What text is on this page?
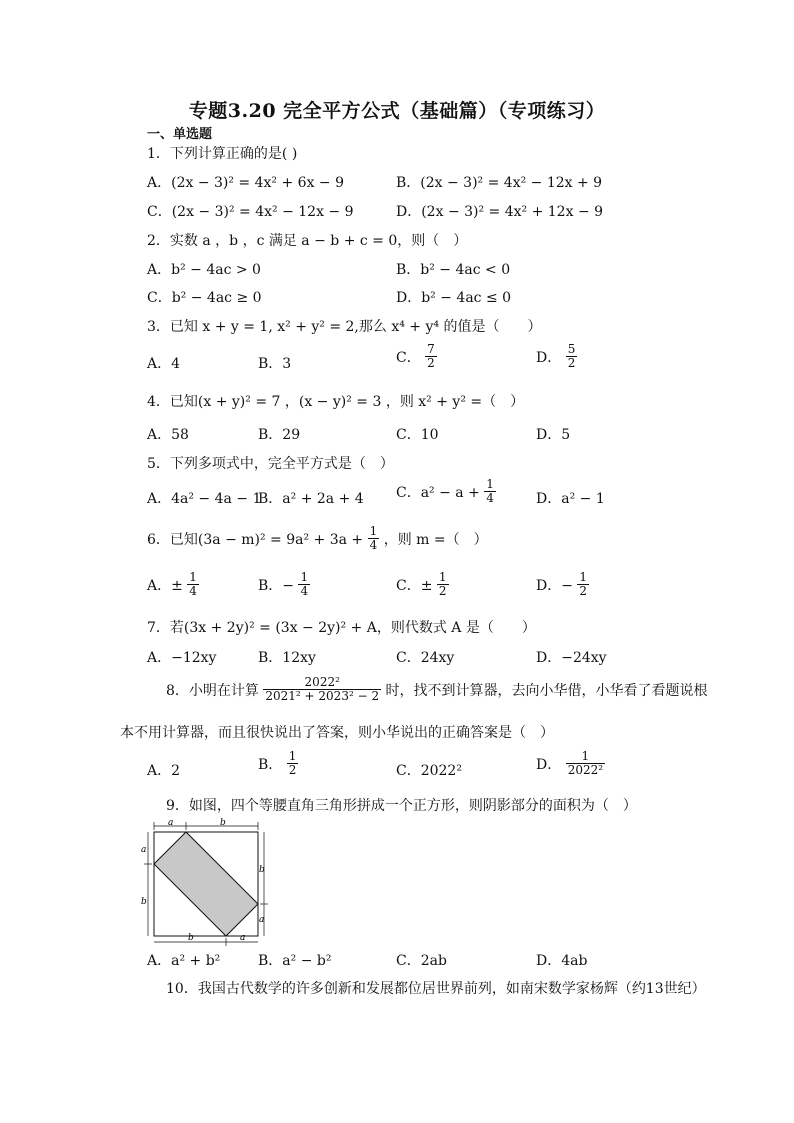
专题3.20 完全平方公式（基础篇）（专项练习）
一、单选题
1．下列计算正确的是( )
A．(2x − 3)² = 4x² + 6x − 9	B．(2x − 3)² = 4x² − 12x + 9
C．(2x − 3)² = 4x² − 12x − 9	D．(2x − 3)² = 4x² + 12x − 9
2．实数 a ，b ，c 满足 a − b + c = 0，则（　）
A．b² − 4ac > 0	B．b² − 4ac < 0
C．b² − 4ac ≥ 0	D．b² − 4ac ≤ 0
3．已知 x + y = 1, x² + y² = 2,那么 x⁴ + y⁴ 的值是（　　）
A．4	B．3	C． $\frac{7}{2}$	D． $\frac{5}{2}$
4．已知(x + y)² = 7 ，(x − y)² = 3 ，则 x² + y² =（　）
A．58	B．29	C．10	D．5
5．下列多项式中，完全平方式是（　）
A．4a² − 4a − 1
B．a² + 2a + 4 C．$a^2 - a + \frac{1}{4}$	D．a² − 1
6．已知$(3a - m)^2 = 9a^2 + 3a + \frac{1}{4}$ ，则 m =（　）
A．± $\frac{1}{4}$	B．− $\frac{1}{4}$	C．± $\frac{1}{2}$	D．− $\frac{1}{2}$
7．若(3x + 2y)² = (3x − 2y)² + A，则代数式 A 是（　　）
A．−12xy	B．12xy	C．24xy	D．−24xy
8．小明在计算 $\frac{\text{2022²}}{\text{2021² + 2023² − 2}}$ 时，找不到计算器，去向小华借，小华看了看题说根
本不用计算器，而且很快说出了答案，则小华说出的正确答案是（　）
A．2	B． $\frac{1}{2}$	C．2022²	D． $\frac{1}{\text{2022²}}$
9．如图，四个等腰直角三角形拼成一个正方形，则阴影部分的面积为（　）
a	b
a
b
b
a
b	a
A．a² + b²	B．a² − b²	C．2ab	D．4ab
10．我国古代数学的许多创新和发展都位居世界前列，如南宋数学家杨辉（约13世纪）
